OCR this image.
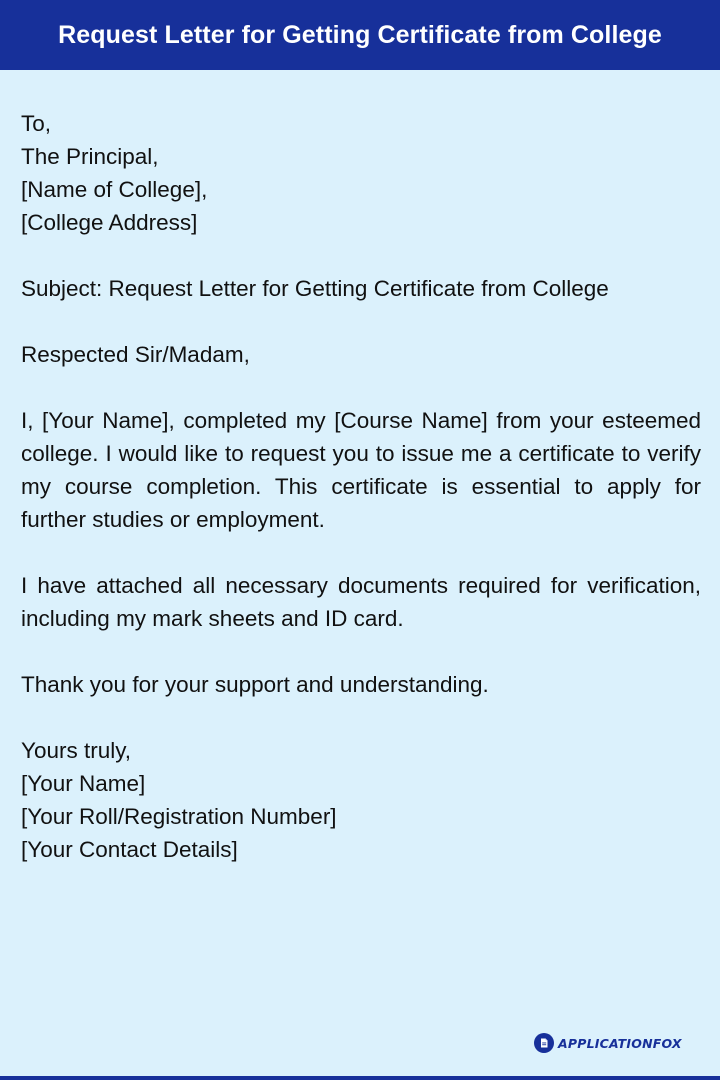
Request Letter for Getting Certificate from College
To,
The Principal,
[Name of College],
[College Address]
Subject: Request Letter for Getting Certificate from College
Respected Sir/Madam,
I, [Your Name], completed my [Course Name] from your esteemed college. I would like to request you to issue me a certificate to verify my course completion. This certificate is essential to apply for further studies or employment.
I have attached all necessary documents required for verification, including my mark sheets and ID card.
Thank you for your support and understanding.
Yours truly,
[Your Name]
[Your Roll/Registration Number]
[Your Contact Details]
APPLICATIONFOX
